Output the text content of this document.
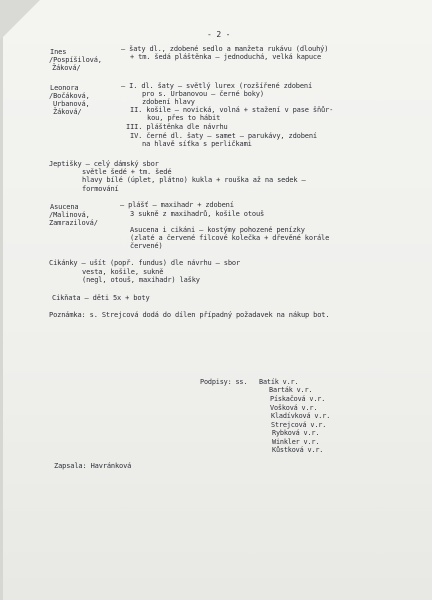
- 2 -
Ines
/Pospíšilová,
Žáková/
– šaty dl., zdobené sedlo a manžeta rukávu (dlouhý)
+ tm. šedá pláštěnka – jednoduchá, velká kapuce
Leonora
/Bočáková,
Urbanová,
Žáková/
– I. dl. šaty – světlý lurex (rozšířené zdobení
pro s. Urbanovou – černé boky)
zdobení hlavy
II. košile – novická, volná + stažení v pase šňůr-
kou, přes to hábit
III. pláštěnka dle návrhu
IV. černé dl. šaty – samet – parukávy, zdobení
na hlavě síťka s perličkami
Jeptišky – celý dámský sbor
světle šedé + tm. šedé
hlavy bílé (úplet, plátno) kukla + rouška až na sedek –
formování
Asucena
/Malinová,
Zamrazilová/
– plášť – maxihadr + zdobení
3 sukně z maxihadrů, košile otouš
Asucena i cikáni – kostýmy pohozené penízky
(zlaté a červené filcové kolečka + dřevěné korále
červené)
Cikánky – ušít (popř. fundus) dle návrhu – sbor
vesta, košile, sukně
(negl, otouš, maxihadr) lašky
Cikňata – děti 5x + boty
Poznámka: s. Strejcová dodá do dílen případný požadavek na nákup bot.
Podpisy: ss. Batík v.r.
Barták v.r.
Pískačová v.r.
Vošková v.r.
Kladívková v.r.
Strejcová v.r.
Rybková v.r.
Winkler v.r.
Kůstková v.r.
Zapsala: Havránková
